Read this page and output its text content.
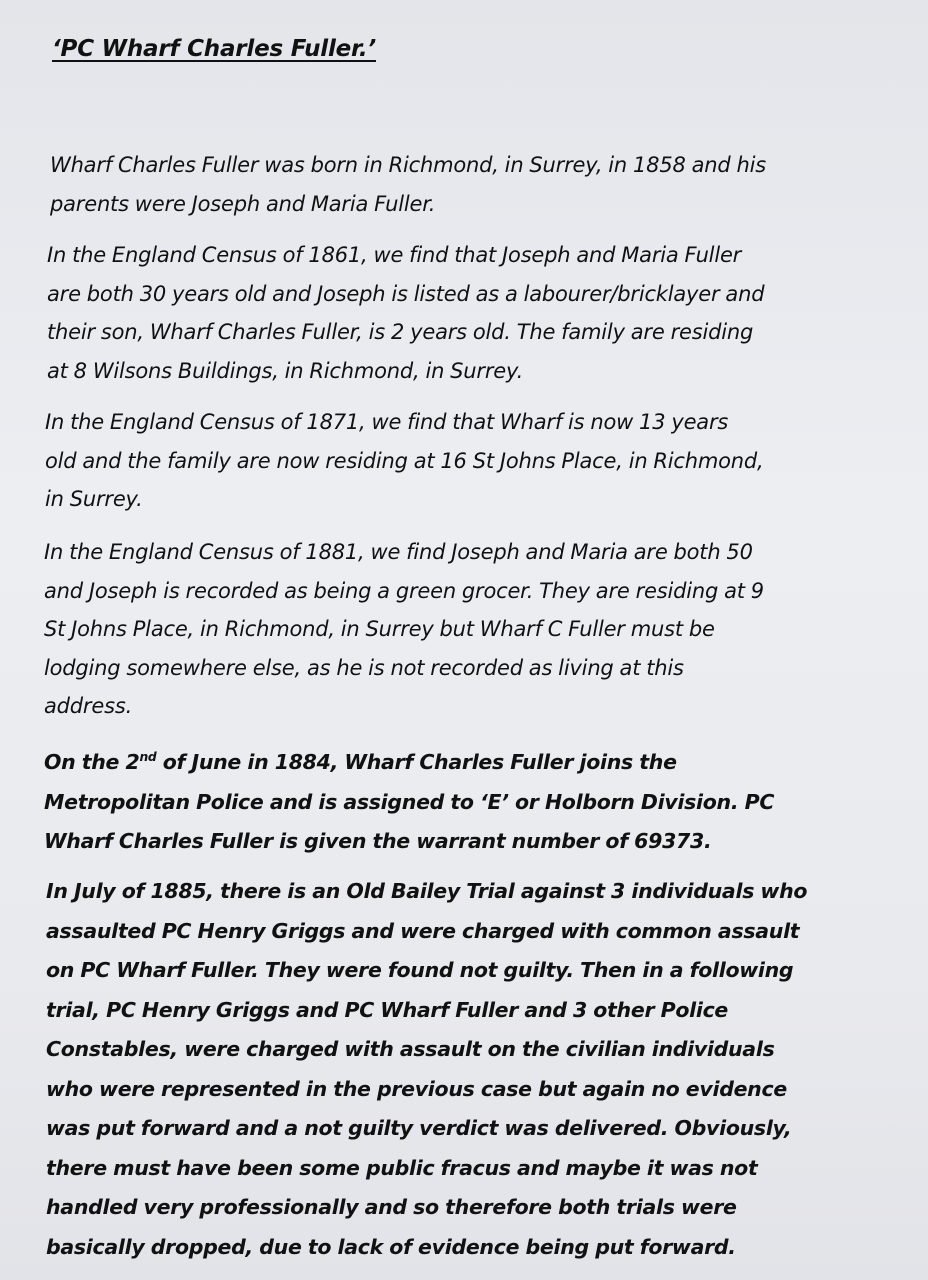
‘PC Wharf Charles Fuller.’

Wharf Charles Fuller was born in Richmond, in Surrey, in 1858 and his
parents were Joseph and Maria Fuller.

In the England Census of 1861, we find that Joseph and Maria Fuller
are both 30 years old and Joseph is listed as a labourer/bricklayer and
their son, Wharf Charles Fuller, is 2 years old. The family are residing
at 8 Wilsons Buildings, in Richmond, in Surrey.

In the England Census of 1871, we find that Wharf is now 13 years
old and the family are now residing at 16 St Johns Place, in Richmond,
in Surrey.

In the England Census of 1881, we find Joseph and Maria are both 50
and Joseph is recorded as being a green grocer. They are residing at 9
St Johns Place, in Richmond, in Surrey but Wharf C Fuller must be
lodging somewhere else, as he is not recorded as living at this
address.

On the 2nd of June in 1884, Wharf Charles Fuller joins the
Metropolitan Police and is assigned to ‘E’ or Holborn Division. PC
Wharf Charles Fuller is given the warrant number of 69373.

In July of 1885, there is an Old Bailey Trial against 3 individuals who
assaulted PC Henry Griggs and were charged with common assault
on PC Wharf Fuller. They were found not guilty. Then in a following
trial, PC Henry Griggs and PC Wharf Fuller and 3 other Police
Constables, were charged with assault on the civilian individuals
who were represented in the previous case but again no evidence
was put forward and a not guilty verdict was delivered. Obviously,
there must have been some public fracus and maybe it was not
handled very professionally and so therefore both trials were
basically dropped, due to lack of evidence being put forward.
